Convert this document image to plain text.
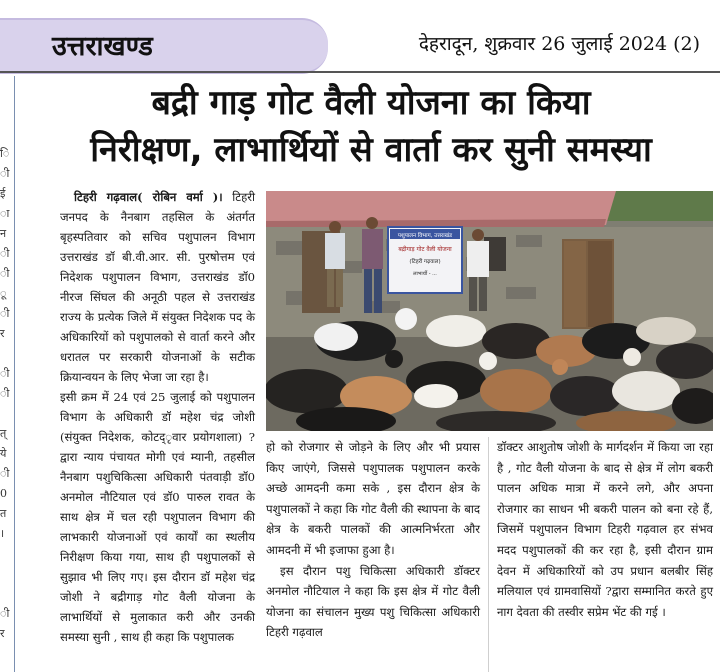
उत्तराखण्ड	देहरादून, शुक्रवार 26 जुलाई 2024 (2)
ि
ी
ई
ा
न
ी
ी
ू
ी
र
ी
ी
त्
ये
ी
0
त
।
ी
र
बद्री गाड़ गोट वैली योजना का किया
निरीक्षण, लाभार्थियों से वार्ता कर सुनी समस्या

टिहरी गढ़वाल( रोबिन वर्मा )। टिहरी जनपद के नैनबाग तहसिल के अंतर्गत बृहस्पतिवार को सचिव पशुपालन विभाग उत्तराखंड डॉ बी.वी.आर. सी. पुरषोत्तम एवं निदेशक पशुपालन विभाग, उत्तराखंड डॉ0 नीरज सिंघल की अनूठी पहल से उत्तराखंड राज्य के प्रत्येक जिले में संयुक्त निदेशक पद के अधिकारियों को पशुपालको से वार्ता करने और धरातल पर सरकारी योजनाओं के सटीक क्रियान्वयन के लिए भेजा जा रहा है।

इसी क्रम में 24 एवं 25 जुलाई को पशुपालन विभाग के अधिकारी डॉ महेश चंद्र जोशी (संयुक्त निदेशक, कोटद्ृवार प्रयोगशाला) ?द्वारा न्याय पंचायत मोगी एवं म्यानी, तहसील नैनबाग पशुचिकित्सा अधिकारी पंतवाड़ी डॉ0 अनमोल नौटियाल एवं डॉ0 पारुल रावत के साथ क्षेत्र में चल रही पशुपालन विभाग की लाभकारी योजनाओं एवं कार्यों का स्थलीय निरीक्षण किया गया, साथ ही पशुपालकों से सुझाव भी लिए गए। इस दौरान डॉ महेश चंद्र जोशी ने बद्रीगाड़ गोट वैली योजना के लाभार्थियों से मुलाकात करी और उनकी समस्या सुनी , साथ ही कहा कि पशुपालक

पशुपालन विभाग, उत्तराखंड
बद्रीगाड़ गोट वैली योजना
(टिहरी गढ़वाल)
लाभार्थी - ...

हो को रोजगार से जोड़ने के लिए और भी प्रयास किए जाएंगे, जिससे पशुपालक पशुपालन करके अच्छे आमदनी कमा सके , इस दौरान क्षेत्र के पशुपालकों ने कहा कि गोट वैली की स्थापना के बाद क्षेत्र के बकरी पालकों की आत्मनिर्भरता और आमदनी में भी इजाफा हुआ है।

इस दौरान पशु चिकित्सा अधिकारी डॉक्टर अनमोल नौटियाल ने कहा कि इस क्षेत्र में गोट वैली योजना का संचालन मुख्य पशु चिकित्सा अधिकारी टिहरी गढ़वाल

डॉक्टर आशुतोष जोशी के मार्गदर्शन में किया जा रहा है , गोट वैली योजना के बाद से क्षेत्र में लोग बकरी पालन अधिक मात्रा में करने लगे, और अपना रोजगार का साधन भी बकरी पालन को बना रहे हैं, जिसमें पशुपालन विभाग टिहरी गढ़वाल हर संभव मदद पशुपालकों की कर रहा है, इसी दौरान ग्राम देवन में अधिकारियों को उप प्रधान बलबीर सिंह मलियाल एवं ग्रामवासियों ?द्वारा सम्मानित करते हुए नाग देवता की तस्वीर सप्रेम भेंट की गई ।
